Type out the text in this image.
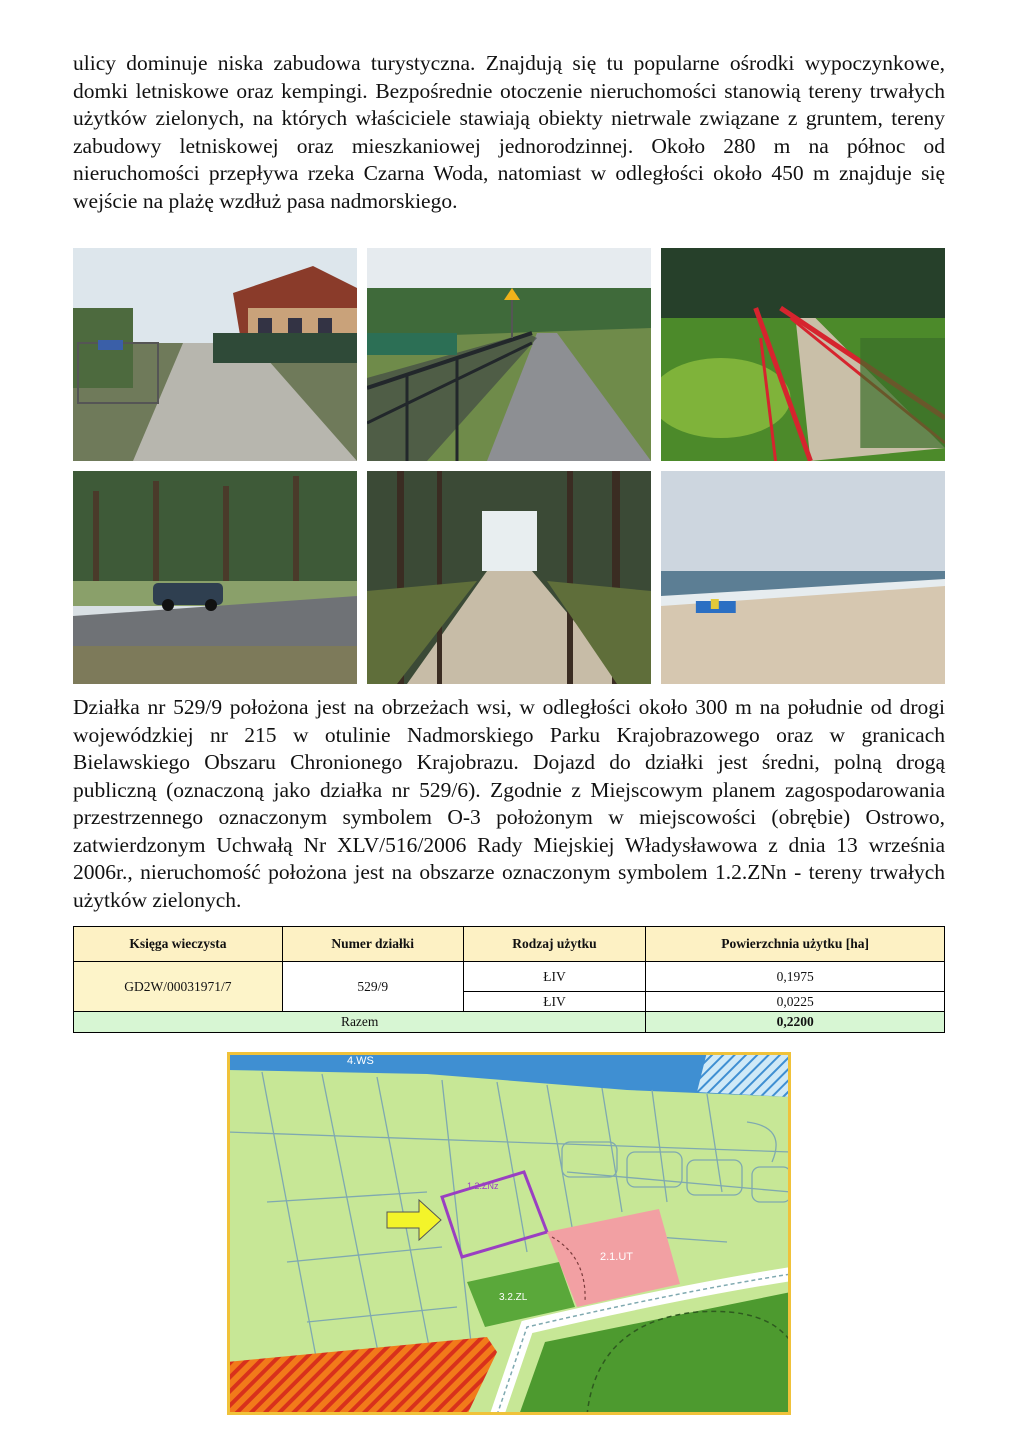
ulicy dominuje niska zabudowa turystyczna. Znajdują się tu popularne ośrodki wypoczynkowe, domki letniskowe oraz kempingi. Bezpośrednie otoczenie nieruchomości stanowią tereny trwałych użytków zielonych, na których właściciele stawiają obiekty nietrwale związane z gruntem, tereny zabudowy letniskowej oraz mieszkaniowej jednorodzinnej. Około 280 m na północ od nieruchomości przepływa rzeka Czarna Woda, natomiast w odległości około 450 m znajduje się wejście na plażę wzdłuż pasa nadmorskiego.

Działka nr 529/9 położona jest na obrzeżach wsi, w odległości około 300 m na południe od drogi wojewódzkiej nr 215 w otulinie Nadmorskiego Parku Krajobrazowego oraz w granicach Bielawskiego Obszaru Chronionego Krajobrazu. Dojazd do działki jest średni, polną drogą publiczną (oznaczoną jako działka nr 529/6). Zgodnie z Miejscowym planem zagospodarowania przestrzennego oznaczonym symbolem O-3 położonym w miejscowości (obrębie) Ostrowo, zatwierdzonym Uchwałą Nr XLV/516/2006 Rady Miejskiej Władysławowa z dnia 13 września 2006r., nieruchomość położona jest na obszarze oznaczonym symbolem 1.2.ZNn - tereny trwałych użytków zielonych.

Księga wieczysta	Numer działki	Rodzaj użytku	Powierzchnia użytku [ha]
GD2W/00031971/7	529/9	ŁIV	0,1975
		ŁIV	0,0225
Razem			0,2200
4.WS
1.2.ZNz
2.1.UT
3.2.ZL
